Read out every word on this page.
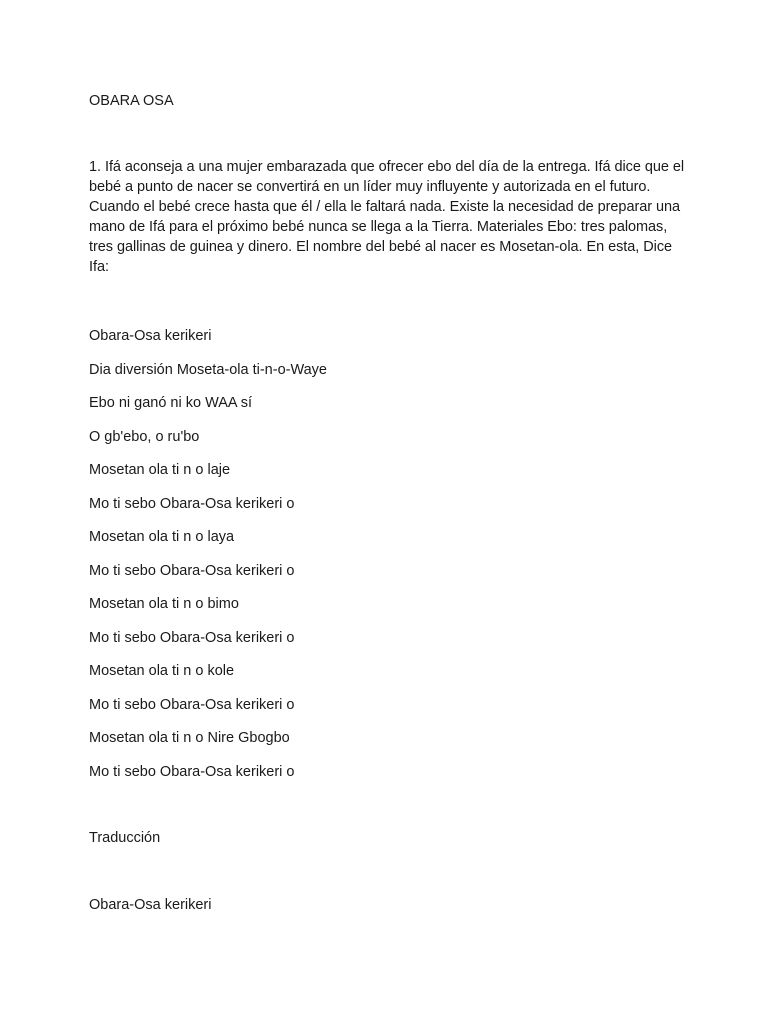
OBARA OSA

1. Ifá aconseja a una mujer embarazada que ofrecer ebo del día de la entrega. Ifá dice que el bebé a punto de nacer se convertirá en un líder muy influyente y autorizada en el futuro. Cuando el bebé crece hasta que él / ella le faltará nada. Existe la necesidad de preparar una mano de Ifá para el próximo bebé nunca se llega a la Tierra. Materiales Ebo: tres palomas, tres gallinas de guinea y dinero. El nombre del bebé al nacer es Mosetan-ola. En esta, Dice Ifa:

Obara-Osa kerikeri
Dia diversión Moseta-ola ti-n-o-Waye
Ebo ni ganó ni ko WAA sí
O gb'ebo, o ru'bo
Mosetan ola ti n o laje
Mo ti sebo Obara-Osa kerikeri o
Mosetan ola ti n o laya
Mo ti sebo Obara-Osa kerikeri o
Mosetan ola ti n o bimo
Mo ti sebo Obara-Osa kerikeri o
Mosetan ola ti n o kole
Mo ti sebo Obara-Osa kerikeri o
Mosetan ola ti n o Nire Gbogbo
Mo ti sebo Obara-Osa kerikeri o
Traducción
Obara-Osa kerikeri
